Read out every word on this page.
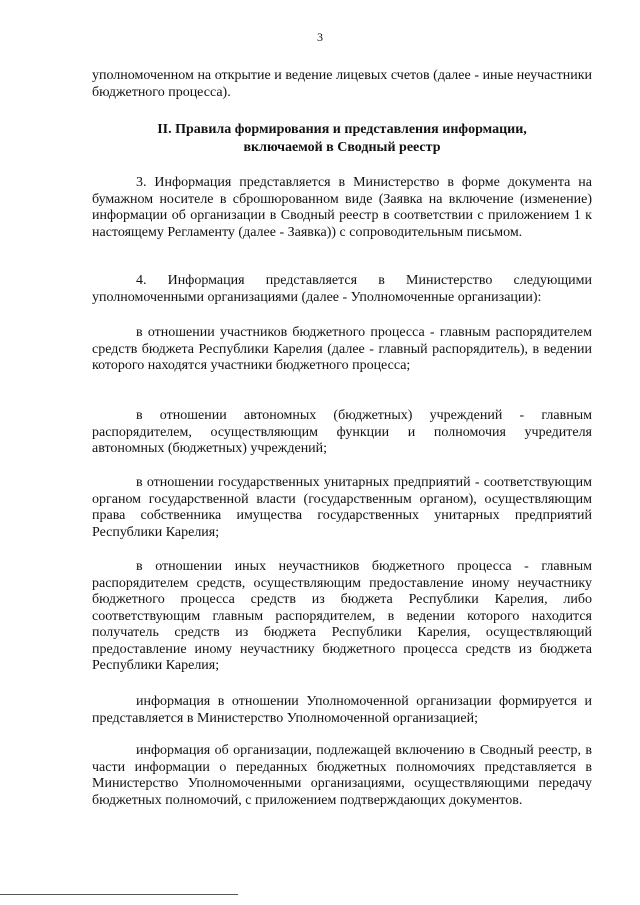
3

уполномоченном на открытие и ведение лицевых счетов (далее - иные неучастники бюджетного процесса).

II. Правила формирования и представления информации,
включаемой в Сводный реестр

3. Информация представляется в Министерство в форме документа на бумажном носителе в сброшюрованном виде (Заявка на включение (изменение) информации об организации в Сводный реестр в соответствии с приложением 1 к настоящему Регламенту (далее - Заявка)) с сопроводительным письмом.

4. Информация представляется в Министерство следующими уполномоченными организациями (далее - Уполномоченные организации):

в отношении участников бюджетного процесса - главным распорядителем средств бюджета Республики Карелия (далее - главный распорядитель), в ведении которого находятся участники бюджетного процесса;

в отношении автономных (бюджетных) учреждений - главным распорядителем, осуществляющим функции и полномочия учредителя автономных (бюджетных) учреждений;

в отношении государственных унитарных предприятий - соответствующим органом государственной власти (государственным органом), осуществляющим права собственника имущества государственных унитарных предприятий Республики Карелия;

в отношении иных неучастников бюджетного процесса - главным распорядителем средств, осуществляющим предоставление иному неучастнику бюджетного процесса средств из бюджета Республики Карелия, либо соответствующим главным распорядителем, в ведении которого находится получатель средств из бюджета Республики Карелия, осуществляющий предоставление иному неучастнику бюджетного процесса средств из бюджета Республики Карелия;

информация в отношении Уполномоченной организации формируется и представляется в Министерство Уполномоченной организацией;

информация об организации, подлежащей включению в Сводный реестр, в части информации о переданных бюджетных полномочиях представляется в Министерство Уполномоченными организациями, осуществляющими передачу бюджетных полномочий, с приложением подтверждающих документов.
